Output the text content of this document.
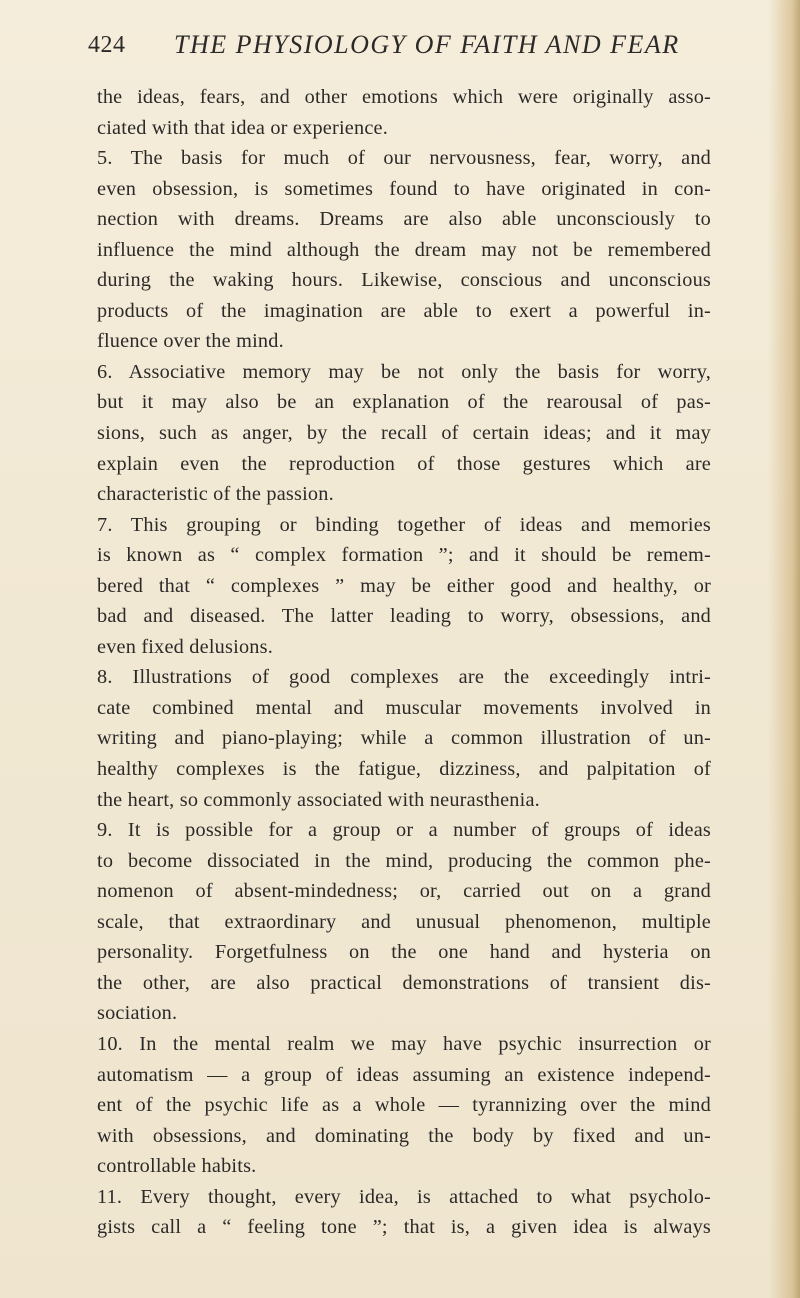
424 THE PHYSIOLOGY OF FAITH AND FEAR

the ideas, fears, and other emotions which were originally asso-

ciated with that idea or experience.

5. The basis for much of our nervousness, fear, worry, and

even obsession, is sometimes found to have originated in con-

nection with dreams. Dreams are also able unconsciously to

influence the mind although the dream may not be remembered

during the waking hours. Likewise, conscious and unconscious

products of the imagination are able to exert a powerful in-

fluence over the mind.

6. Associative memory may be not only the basis for worry,

but it may also be an explanation of the rearousal of pas-

sions, such as anger, by the recall of certain ideas; and it may

explain even the reproduction of those gestures which are

characteristic of the passion.

7. This grouping or binding together of ideas and memories

is known as “ complex formation ”; and it should be remem-

bered that “ complexes ” may be either good and healthy, or

bad and diseased. The latter leading to worry, obsessions, and

even fixed delusions.

8. Illustrations of good complexes are the exceedingly intri-

cate combined mental and muscular movements involved in

writing and piano-playing; while a common illustration of un-

healthy complexes is the fatigue, dizziness, and palpitation of

the heart, so commonly associated with neurasthenia.

9. It is possible for a group or a number of groups of ideas

to become dissociated in the mind, producing the common phe-

nomenon of absent-mindedness; or, carried out on a grand

scale, that extraordinary and unusual phenomenon, multiple

personality. Forgetfulness on the one hand and hysteria on

the other, are also practical demonstrations of transient dis-

sociation.

10. In the mental realm we may have psychic insurrection or

automatism — a group of ideas assuming an existence independ-

ent of the psychic life as a whole — tyrannizing over the mind

with obsessions, and dominating the body by fixed and un-

controllable habits.

11. Every thought, every idea, is attached to what psycholo-

gists call a “ feeling tone ”; that is, a given idea is always
